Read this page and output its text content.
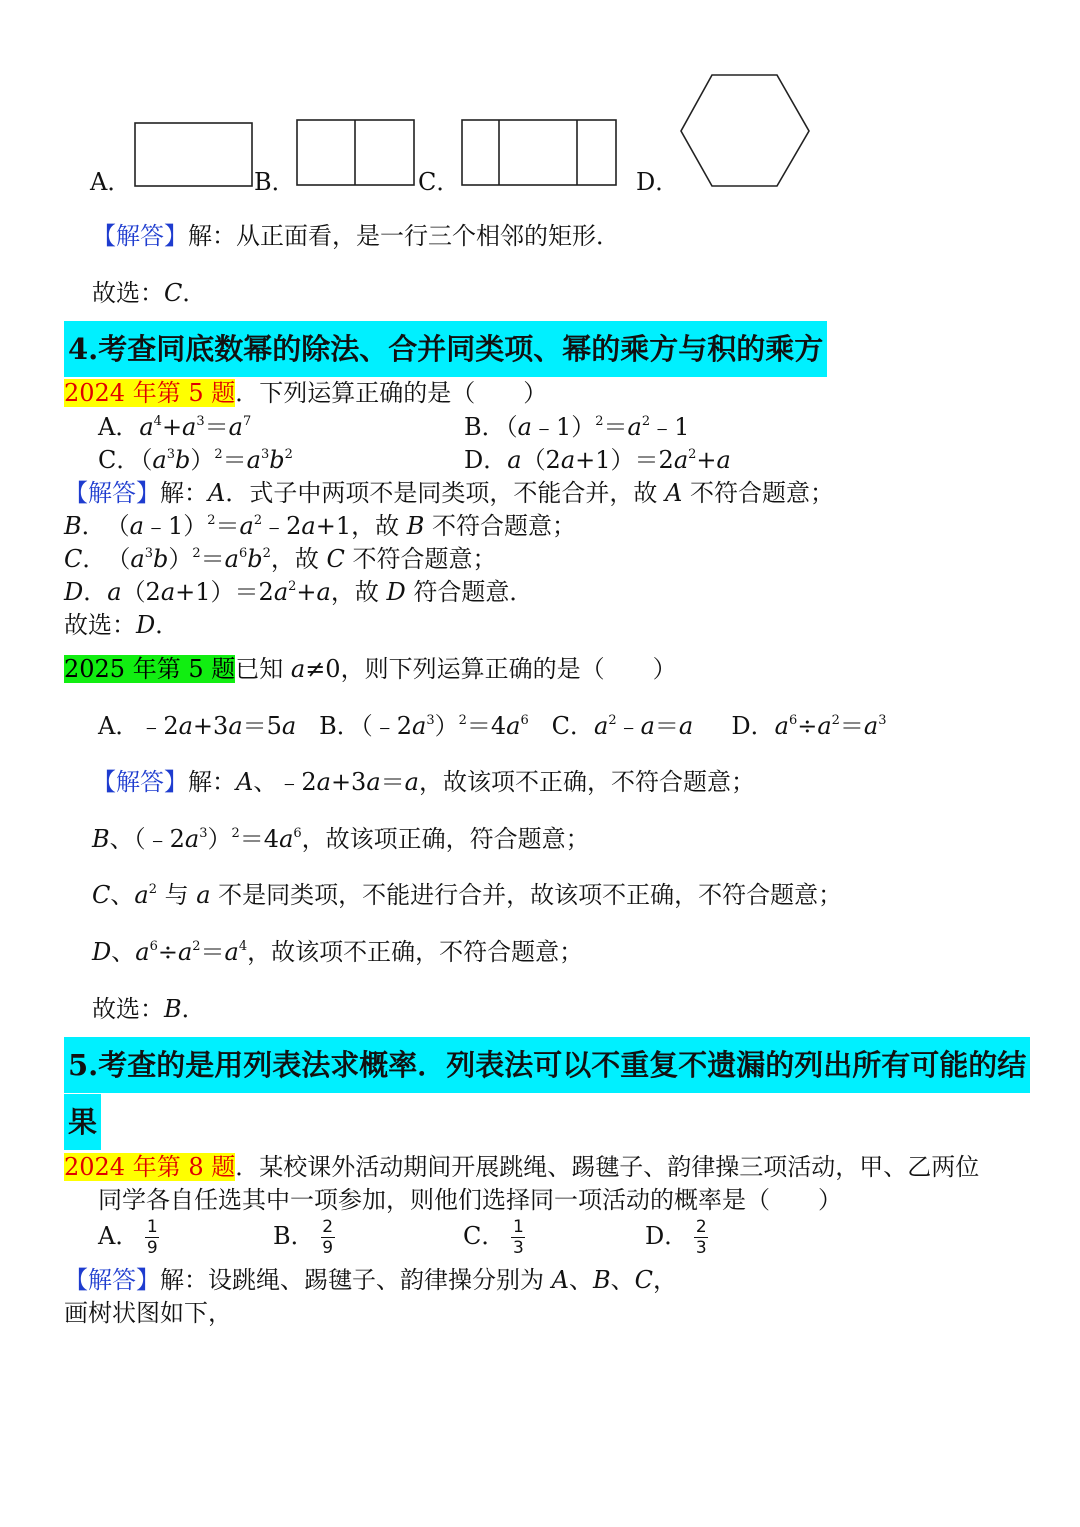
A．	B．	C．	D．
【解答】解：从正面看，是一行三个相邻的矩形．
故选：C．
4.考查同底数幂的除法、合并同类项、幂的乘方与积的乘方
2024 年第 5 题．下列运算正确的是（　　）
A．$a^4+a^3=a^7$	B．$(a﹣1)^2=a^2﹣1$
C．$(a^3b)^2=a^3b^2$	D．$a(2a+1)=2a^2+a$
【解答】解：A．式子中两项不是同类项，不能合并，故 A 不符合题意；
B．　$(a﹣1)^2=a^2﹣2a+1$，故 B 不符合题意；
C．　$(a^3b)^2=a^6b^2$，故 C 不符合题意；
D．$a(2a+1)=2a^2+a$，故 D 符合题意．
故选：D．
2025 年第 5 题已知 a≠0，则下列运算正确的是（　　）
A．﹣2a+3a＝5a   B．$(﹣2a^3)^2=4a^6$   C．$a^2﹣a=a$     D．$a^6\div a^2=a^3$
【解答】解：A、﹣2a+3a＝a，故该项不正确，不符合题意；
B、$(﹣2a^3)^2=4a^6$，故该项正确，符合题意；
C、$a^2$ 与 a 不是同类项，不能进行合并，故该项不正确，不符合题意；
D、$a^6\div a^2=a^4$，故该项不正确，不符合题意；
故选：B．
5.考查的是用列表法求概率．列表法可以不重复不遗漏的列出所有可能的结
果
2024 年第 8 题．某校课外活动期间开展跳绳、踢毽子、韵律操三项活动，甲、乙两位
同学各自任选其中一项参加，则他们选择同一项活动的概率是（　　）
A． $\frac{1}{9}$	B． $\frac{2}{9}$	C． $\frac{1}{3}$	D． $\frac{2}{3}$
【解答】解：设跳绳、踢毽子、韵律操分别为 A、B、C，
画树状图如下，
